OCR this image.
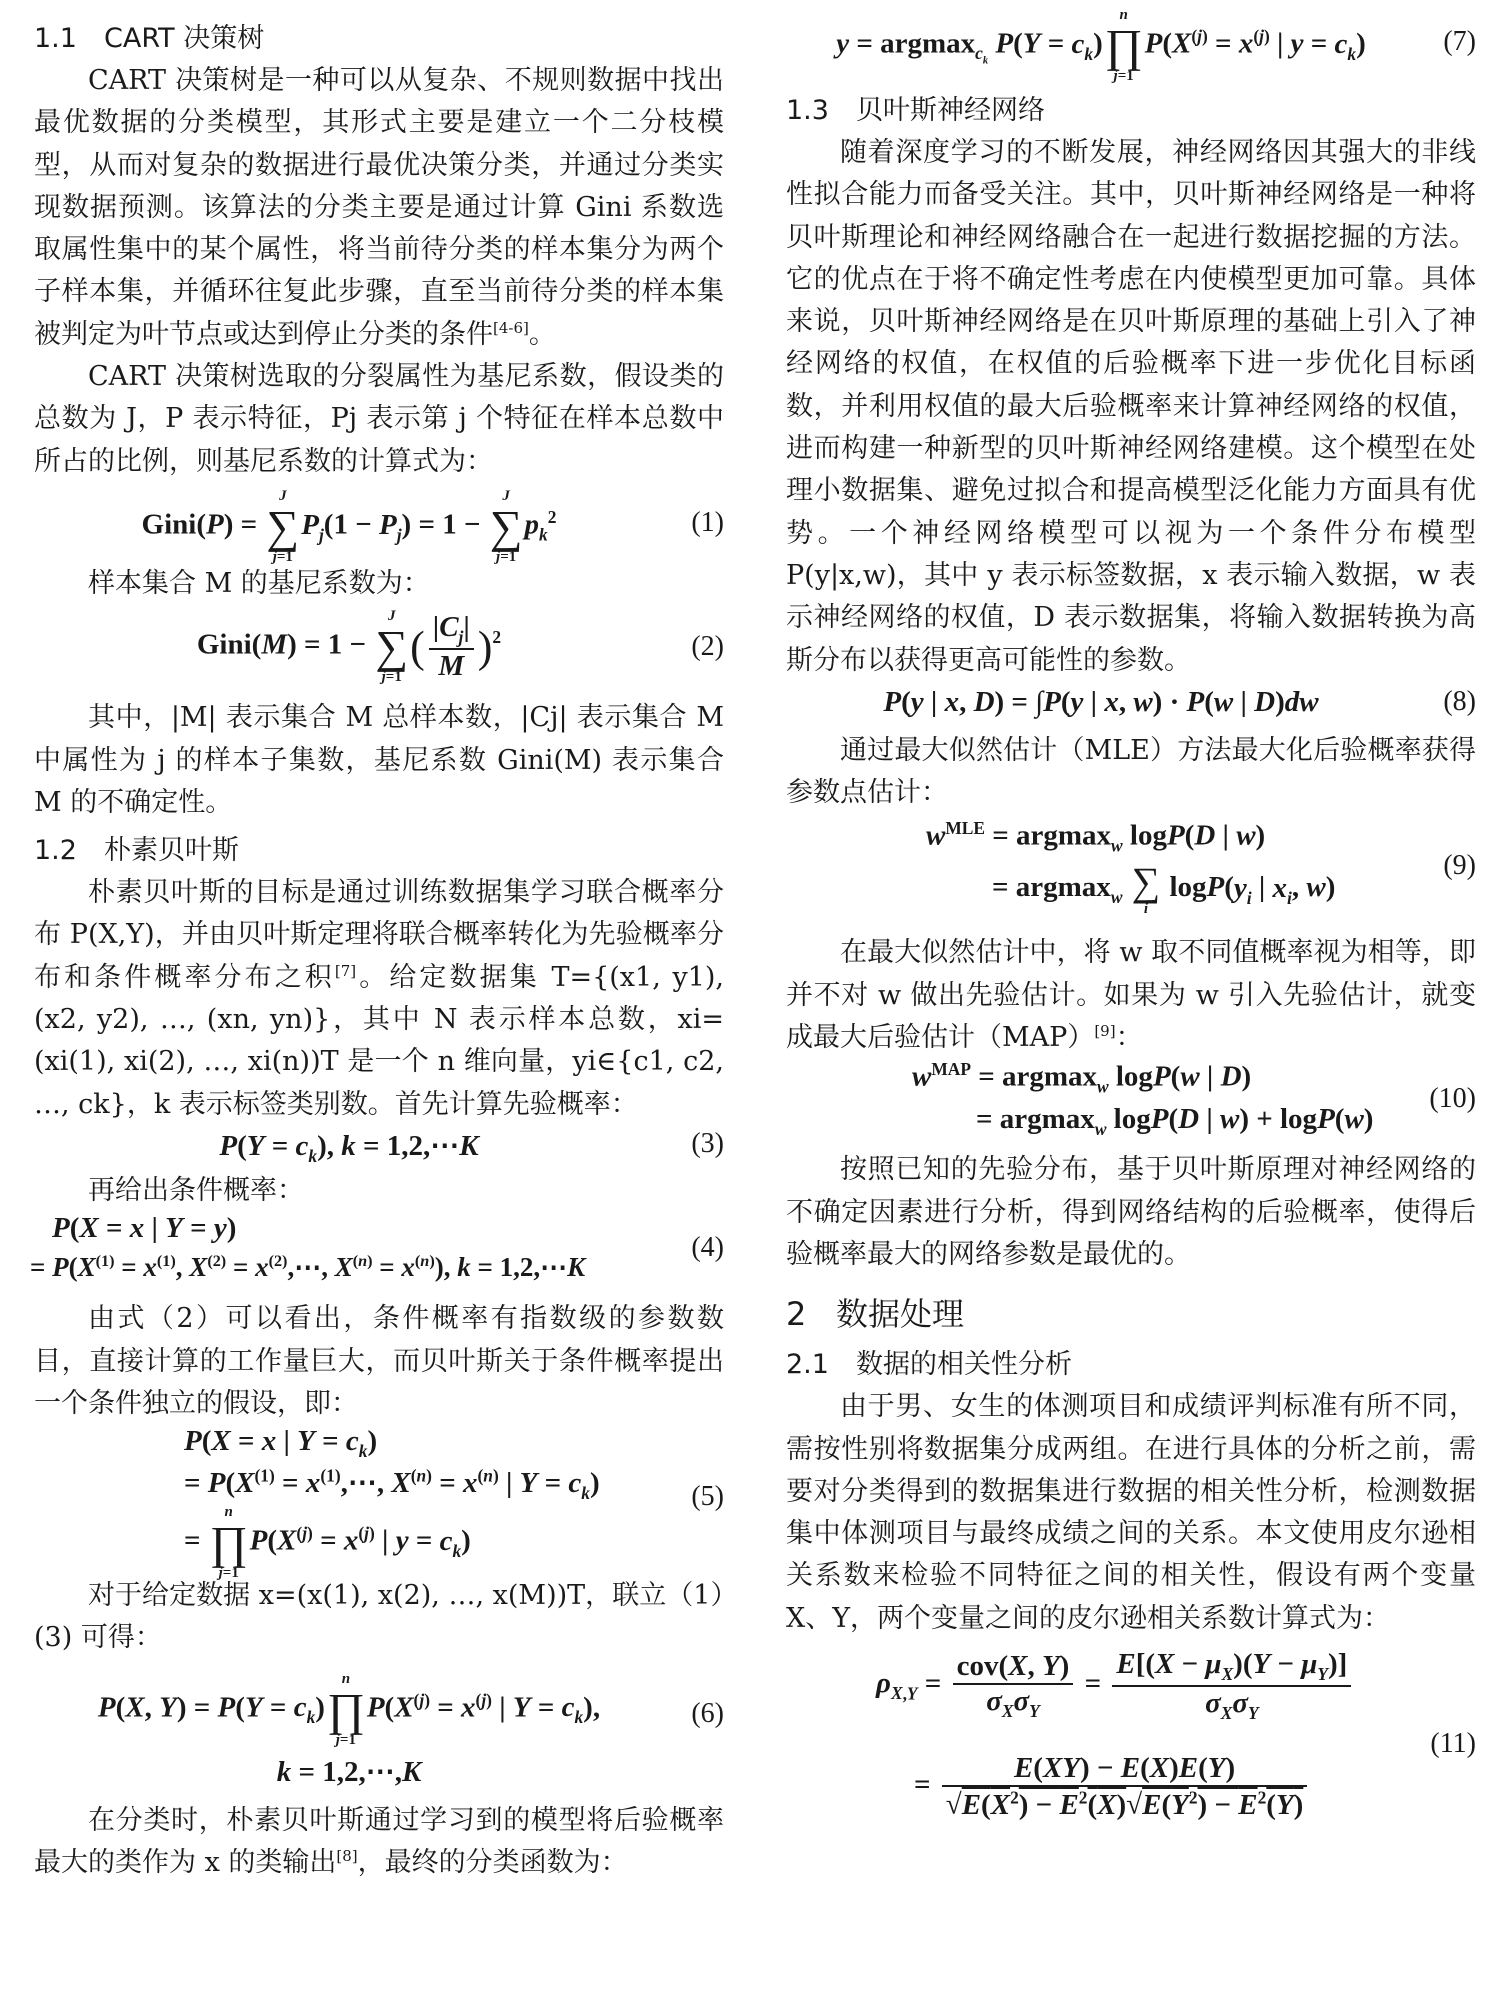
1.1 CART 决策树

CART 决策树是一种可以从复杂、不规则数据中找出最优数据的分类模型，其形式主要是建立一个二分枝模型，从而对复杂的数据进行最优决策分类，并通过分类实现数据预测。该算法的分类主要是通过计算 Gini 系数选取属性集中的某个属性，将当前待分类的样本集分为两个子样本集，并循环往复此步骤，直至当前待分类的样本集被判定为叶节点或达到停止分类的条件[4-6]。

CART 决策树选取的分裂属性为基尼系数，假设类的总数为 J，P 表示特征，Pj 表示第 j 个特征在样本总数中所占的比例，则基尼系数的计算式为：

Gini(P) =
J
∑
j=1
$P_j(1 - P_j) = 1$ −
J
∑
j=1
$p_k^2$	(1)

样本集合 M 的基尼系数为：

Gini(M) = 1 −
J
∑
j=1
( $\frac{|C_j|}{M} )^2$	(2)

其中，|M| 表示集合 M 总样本数，|Cj| 表示集合 M 中属性为 j 的样本子集数，基尼系数 Gini(M) 表示集合 M 的不确定性。

1.2 朴素贝叶斯

朴素贝叶斯的目标是通过训练数据集学习联合概率分布 P(X,Y)，并由贝叶斯定理将联合概率转化为先验概率分布和条件概率分布之积[7]。给定数据集 T={(x1, y1), (x2, y2), …, (xn, yn)}，其中 N 表示样本总数，xi=(xi(1), xi(2), …, xi(n))T 是一个 n 维向量，yi∈{c1, c2, …, ck}，k 表示标签类别数。首先计算先验概率：

$P(Y = c_k)$, k = 1,2,⋯K	(3)

再给出条件概率：

P(X = x | Y = y)
= $P(X^{(1)} = x^{(1)}$, $X^{(2)}$ = $x^{(2)},\cdots$, $X^{(n)} = x^{(n)}$), k = 1,2,⋯K
(4)

由式（2）可以看出，条件概率有指数级的参数数目，直接计算的工作量巨大，而贝叶斯关于条件概率提出一个条件独立的假设，即：

P(X = x | $Y = c_k$)
= $P(X^{(1)}$ = $x^{(1)},\cdots$, $X^{(n)} = x^{(n)}$ | $Y = c_k$)
=
n
∏
j=1
$P(X^{(j)} = x^{(j)}$ | $y = c_k$)
(5)

对于给定数据 x=(x(1), x(2), …, x(M))T，联立（1）(3) 可得：

P(X, $Y) = P(Y = c_k)$
n
∏
j=1
$P(X^{(j)} = x^{(j)}$ | $Y = c_k$),
k = 1,2,⋯,K
(6)

在分类时，朴素贝叶斯通过学习到的模型将后验概率最大的类作为 x 的类输出[8]，最终的分类函数为：

y = argmax$_{c_k}$ $P(Y = c_k)$
n
∏
j=1
$P(X^{(j)} = x^{(j)}$ | $y = c_k$)	(7)
1.3 贝叶斯神经网络

随着深度学习的不断发展，神经网络因其强大的非线性拟合能力而备受关注。其中，贝叶斯神经网络是一种将贝叶斯理论和神经网络融合在一起进行数据挖掘的方法。它的优点在于将不确定性考虑在内使模型更加可靠。具体来说，贝叶斯神经网络是在贝叶斯原理的基础上引入了神经网络的权值，在权值的后验概率下进一步优化目标函数，并利用权值的最大后验概率来计算神经网络的权值，进而构建一种新型的贝叶斯神经网络建模。这个模型在处理小数据集、避免过拟合和提高模型泛化能力方面具有优势。一个神经网络模型可以视为一个条件分布模型 P(y|x,w)，其中 y 表示标签数据，x 表示输入数据，w 表示神经网络的权值，D 表示数据集，将输入数据转换为高斯分布以获得更高可能性的参数。

P(y | x, D) = ∫P(y | x, w) · P(w | D)dw	(8)

通过最大似然估计（MLE）方法最大化后验概率获得参数点估计：

$w^{MLE} = argmax_w$ logP(D | w)
= argmax$_w$ ∑
i
$\log P(y_i$ | $x_i$, w)
(9)

在最大似然估计中，将 w 取不同值概率视为相等，即并不对 w 做出先验估计。如果为 w 引入先验估计，就变成最大后验估计（MAP）[9]：

$w^{MAP} = argmax_w$ logP(w | D)
= argmax$_w$ logP(D | w) + logP(w)
(10)

按照已知的先验分布，基于贝叶斯原理对神经网络的不确定因素进行分析，得到网络结构的后验概率，使得后验概率最大的网络参数是最优的。

2 数据处理
2.1 数据的相关性分析

由于男、女生的体测项目和成绩评判标准有所不同，需按性别将数据集分成两组。在进行具体的分析之前，需要对分类得到的数据集进行数据的相关性分析，检测数据集中体测项目与最终成绩之间的关系。本文使用皮尔逊相关系数来检验不同特征之间的相关性，假设有两个变量 X、Y，两个变量之间的皮尔逊相关系数计算式为：

$\rho_{X,Y} = \frac{\text{cov(X, Y)}}{\sigma_X\sigma_Y} = \frac{E[(X - \mu_X)(Y - \mu_Y)]}{\sigma_X\sigma_Y}$
= $\frac{E(XY) - E(X)E(Y)}{√E(X^2) - E^2(X)√E(Y^2) - E^2(Y)}$
(11)
